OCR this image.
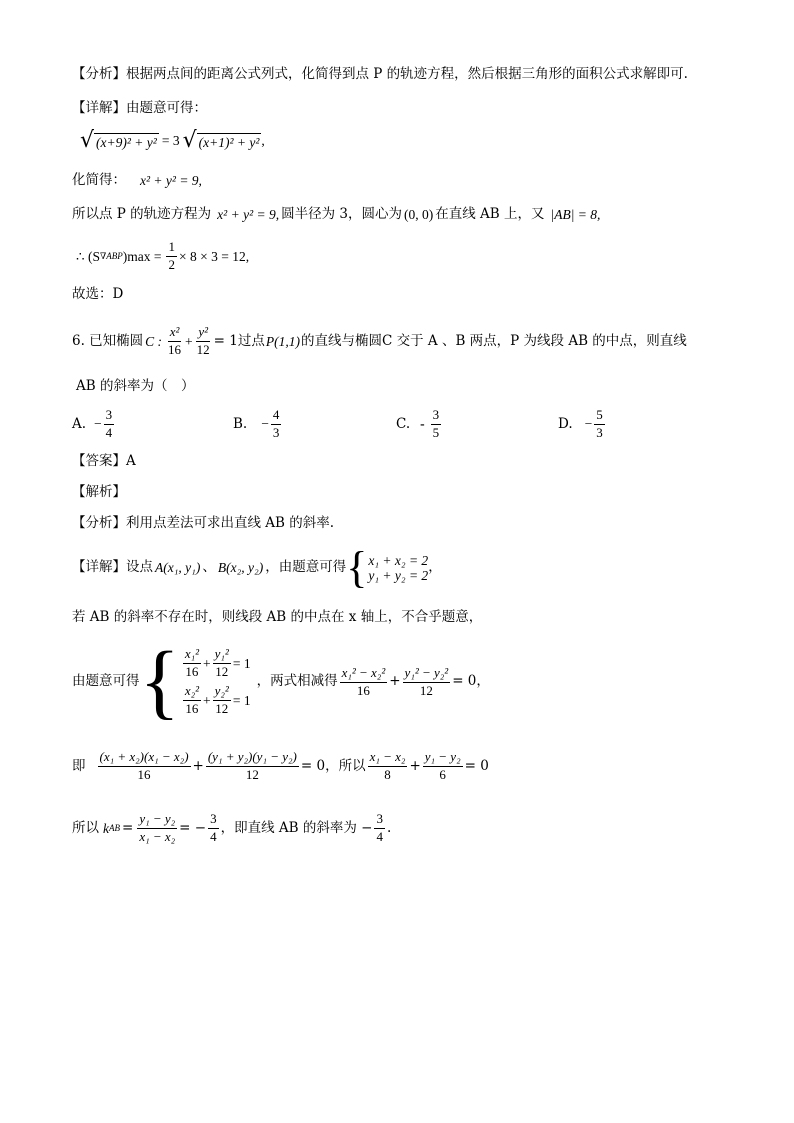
【分析】根据两点间的距离公式列式，化简得到点 P 的轨迹方程，然后根据三角形的面积公式求解即可.
【详解】由题意可得：
√ (x+9)² + y² = 3 √ (x+1)² + y² ,
化简得： x² + y² = 9,
所以点 P 的轨迹方程为 x² + y² = 9, 圆半径为 3，圆心为 (0, 0) 在直线 AB 上，又 |AB| = 8,
∴ (S ∇ABP )$\max = \frac{1}{2} \times 8 \times 3 = 12$,
故选：D
6. 已知椭圆 C : $\frac{\text{x²}}{16} + \frac{\text{y²}}{12} = 1$过点 P(1,1) 的直线与椭圆 C 交于 A 、B 两点，P 为线段 AB 的中点，则直线
AB 的斜率为（　）
A. − $\frac{3}{4}$	B. − $\frac{4}{3}$	C. - $\frac{3}{5}$	D. − $\frac{5}{3}$
【答案】A
【解析】
【分析】利用点差法可求出直线 AB 的斜率.
【详解】设点 A(x₁, y₁) 、 B(x₂, y₂) ，由题意可得 { x₁ + x₂ = 2
y₁ + y₂ = 2
，
若 AB 的斜率不存在时，则线段 AB 的中点在 x 轴上，不合乎题意，
由题意可得 { $\frac{\text{x₁²}}{16} + \frac{\text{y₁²}}{12} = 1$
$\frac{\text{x₂²}}{16} + \frac{\text{y₂²}}{12} = 1$
，两式相减得 $\frac{\text{x₁² − x₂²}}{16} + \frac{\text{y₁² − y₂²}}{12} = 0$，
即 $\frac{\text{(x₁ + x₂)(x₁ − x₂)}}{16} + \frac{\text{(y₁ + y₂)(y₁ − y₂)}}{12} = 0$，所以 $\frac{\text{x₁ − x₂}}{8} + \frac{\text{y₁ − y₂}}{6} = 0$
所以 k AB = $\frac{\text{y₁ − y₂}}{\text{x₁ − x₂}}$ = − $\frac{3}{4}$ ，即直线 AB 的斜率为 − $\frac{3}{4}$ .
